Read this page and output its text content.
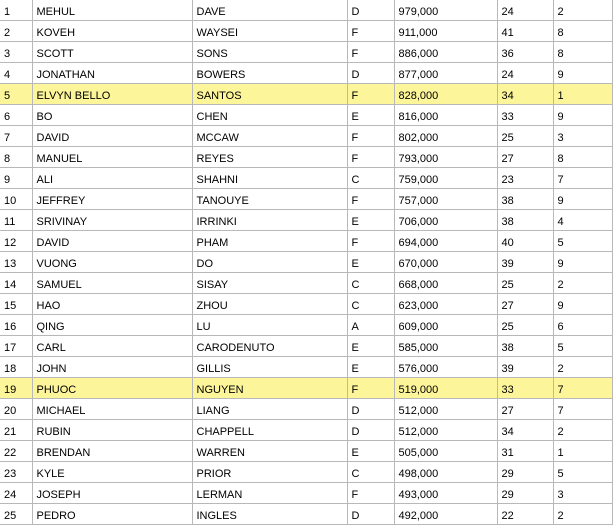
1	MEHUL	DAVE	D	979,000	24	2
2	KOVEH	WAYSEI	F	911,000	41	8
3	SCOTT	SONS	F	886,000	36	8
4	JONATHAN	BOWERS	D	877,000	24	9
5	ELVYN BELLO	SANTOS	F	828,000	34	1
6	BO	CHEN	E	816,000	33	9
7	DAVID	MCCAW	F	802,000	25	3
8	MANUEL	REYES	F	793,000	27	8
9	ALI	SHAHNI	C	759,000	23	7
10	JEFFREY	TANOUYE	F	757,000	38	9
11	SRIVINAY	IRRINKI	E	706,000	38	4
12	DAVID	PHAM	F	694,000	40	5
13	VUONG	DO	E	670,000	39	9
14	SAMUEL	SISAY	C	668,000	25	2
15	HAO	ZHOU	C	623,000	27	9
16	QING	LU	A	609,000	25	6
17	CARL	CARODENUTO	E	585,000	38	5
18	JOHN	GILLIS	E	576,000	39	2
19	PHUOC	NGUYEN	F	519,000	33	7
20	MICHAEL	LIANG	D	512,000	27	7
21	RUBIN	CHAPPELL	D	512,000	34	2
22	BRENDAN	WARREN	E	505,000	31	1
23	KYLE	PRIOR	C	498,000	29	5
24	JOSEPH	LERMAN	F	493,000	29	3
25	PEDRO	INGLES	D	492,000	22	2
